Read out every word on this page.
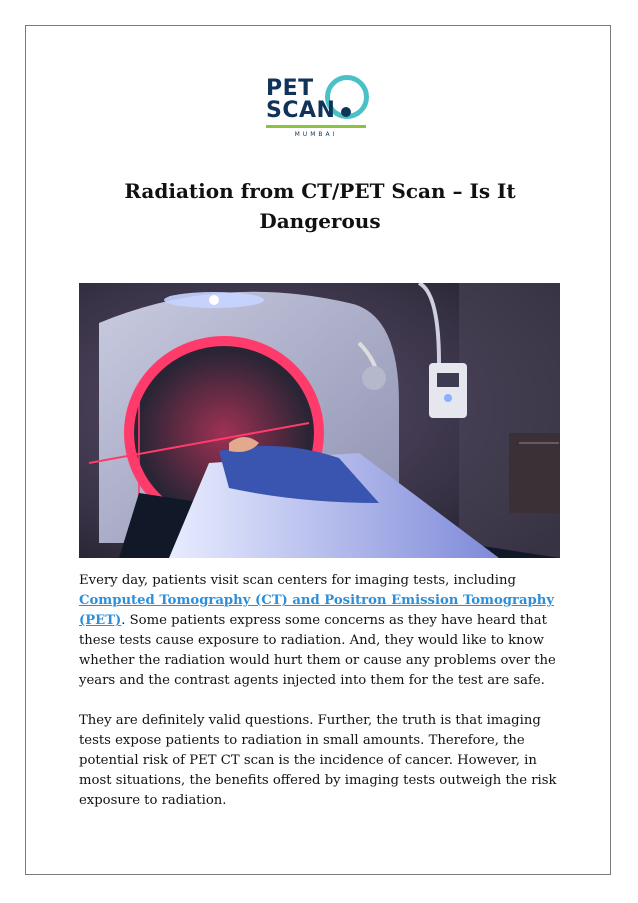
PET
SCAN
MUMBAI
Radiation from CT/PET Scan – Is It
Dangerous

Every day, patients visit scan centers for imaging tests, including Computed Tomography (CT) and Positron Emission Tomography (PET). Some patients express some concerns as they have heard that these tests cause exposure to radiation. And, they would like to know whether the radiation would hurt them or cause any problems over the years and the contrast agents injected into them for the test are safe.

They are definitely valid questions. Further, the truth is that imaging tests expose patients to radiation in small amounts. Therefore, the potential risk of PET CT scan is the incidence of cancer. However, in most situations, the benefits offered by imaging tests outweigh the risk exposure to radiation.
